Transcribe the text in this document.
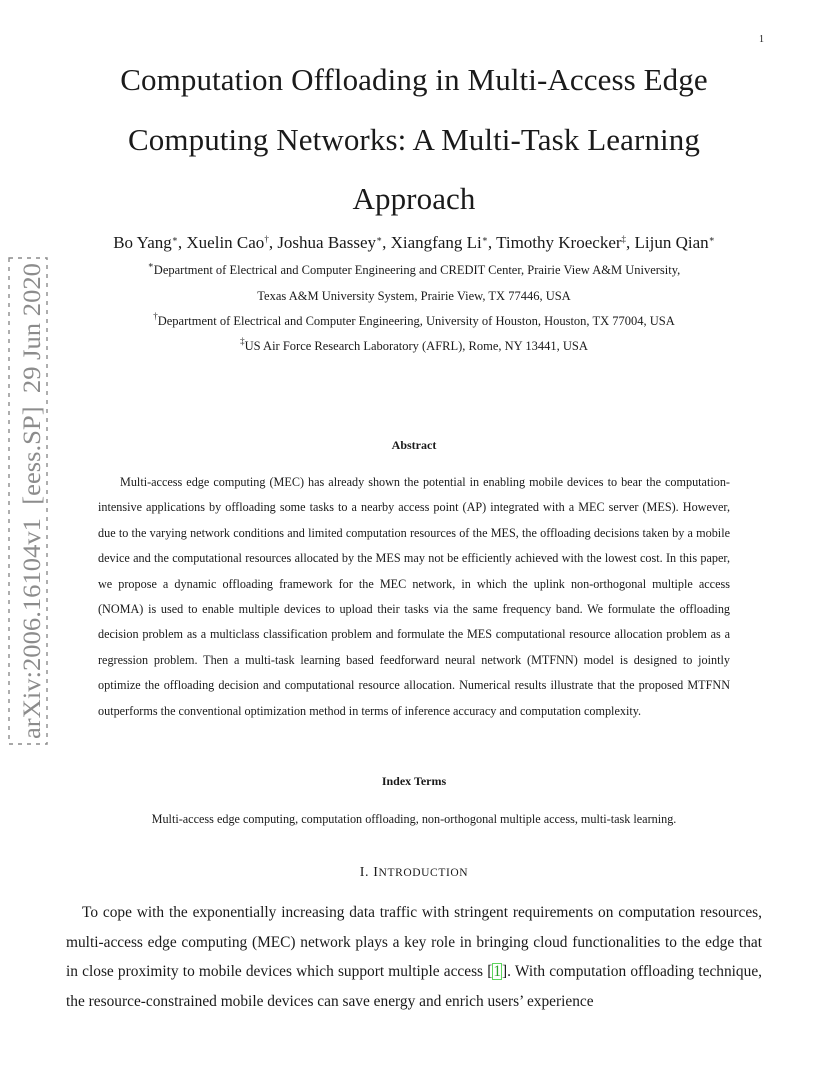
1
Computation Offloading in Multi-Access Edge
Computing Networks: A Multi-Task Learning
Approach
Bo Yang∗, Xuelin Cao†, Joshua Bassey∗, Xiangfang Li∗, Timothy Kroecker‡, Lijun Qian∗
∗Department of Electrical and Computer Engineering and CREDIT Center, Prairie View A&M University,
Texas A&M University System, Prairie View, TX 77446, USA
†Department of Electrical and Computer Engineering, University of Houston, Houston, TX 77004, USA
‡US Air Force Research Laboratory (AFRL), Rome, NY 13441, USA
Abstract
Multi-access edge computing (MEC) has already shown the potential in enabling mobile devices to bear the computation-intensive applications by offloading some tasks to a nearby access point (AP) integrated with a MEC server (MES). However, due to the varying network conditions and limited computation resources of the MES, the offloading decisions taken by a mobile device and the computational resources allocated by the MES may not be efficiently achieved with the lowest cost. In this paper, we propose a dynamic offloading framework for the MEC network, in which the uplink non-orthogonal multiple access (NOMA) is used to enable multiple devices to upload their tasks via the same frequency band. We formulate the offloading decision problem as a multiclass classification problem and formulate the MES computational resource allocation problem as a regression problem. Then a multi-task learning based feedforward neural network (MTFNN) model is designed to jointly optimize the offloading decision and computational resource allocation. Numerical results illustrate that the proposed MTFNN outperforms the conventional optimization method in terms of inference accuracy and computation complexity.
Index Terms
Multi-access edge computing, computation offloading, non-orthogonal multiple access, multi-task learning.
I. INTRODUCTION
To cope with the exponentially increasing data traffic with stringent requirements on computation resources, multi-access edge computing (MEC) network plays a key role in bringing cloud functionalities to the edge that in close proximity to mobile devices which support multiple access [1]. With computation offloading technique, the resource-constrained mobile devices can save energy and enrich users’ experience
arXiv:2006.16104v1  [eess.SP]  29 Jun 2020
